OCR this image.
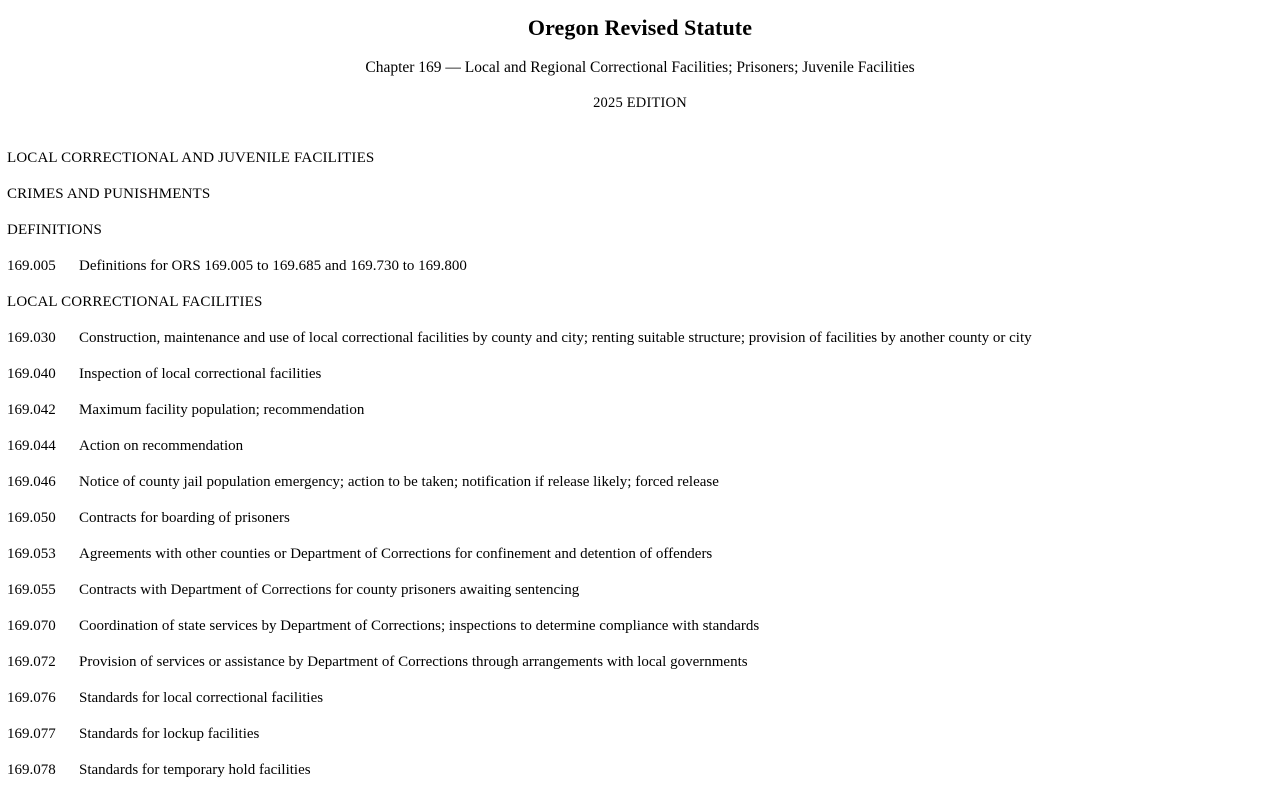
Oregon Revised Statute

Chapter 169 — Local and Regional Correctional Facilities; Prisoners; Juvenile Facilities

2025 EDITION

LOCAL CORRECTIONAL AND JUVENILE FACILITIES
CRIMES AND PUNISHMENTS
DEFINITIONS
169.005 Definitions for ORS 169.005 to 169.685 and 169.730 to 169.800
LOCAL CORRECTIONAL FACILITIES
169.030 Construction, maintenance and use of local correctional facilities by county and city; renting suitable structure; provision of facilities by another county or city
169.040 Inspection of local correctional facilities
169.042 Maximum facility population; recommendation
169.044 Action on recommendation
169.046 Notice of county jail population emergency; action to be taken; notification if release likely; forced release
169.050 Contracts for boarding of prisoners
169.053 Agreements with other counties or Department of Corrections for confinement and detention of offenders
169.055 Contracts with Department of Corrections for county prisoners awaiting sentencing
169.070 Coordination of state services by Department of Corrections; inspections to determine compliance with standards
169.072 Provision of services or assistance by Department of Corrections through arrangements with local governments
169.076 Standards for local correctional facilities
169.077 Standards for lockup facilities
169.078 Standards for temporary hold facilities
